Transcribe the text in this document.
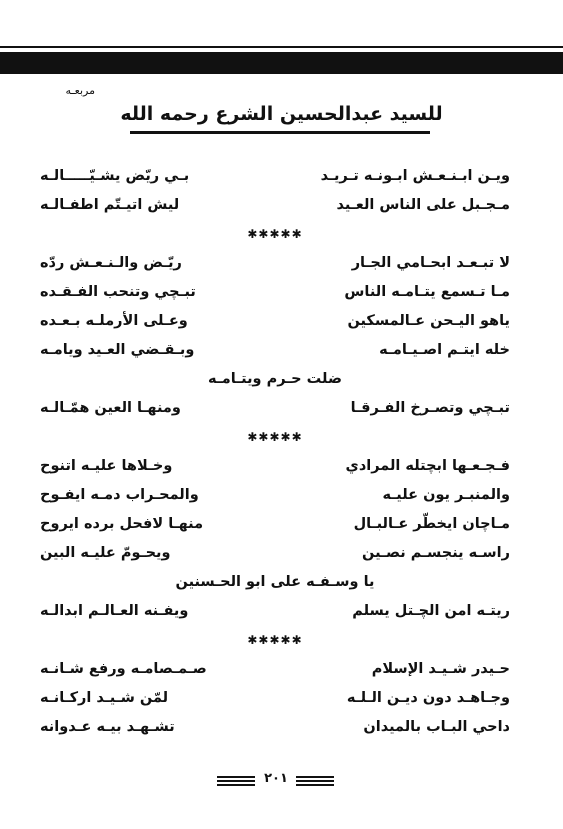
مربعـه
للسيد عبدالحسين الشرع رحمه الله
ويـن ابـنـعـش ابـونـه تـريـد
بـي ريّض يشـيّـــــالـه
مـجـبل على الناس العـيد
ليش اتيـتّم اطفـالـه
✱✱✱✱✱
لا تبـعـد ابحـامي الجـار
ريّـض والـنـعـش ردّه
مـا تـسمع يتـامـه الناس
تبـچي وتنحب الفـقـده
ياهو اليـحن عـالمسكين
وعـلى الأرملـه بـعـده
خله ايتـم اصـيـامـه
وبـقـضي العـيد ويامـه
ضلت حـرم ويتـامـه
تبـچي وتصـرخ الفـرقـا
ومنهـا العين همّـالـه
✱✱✱✱✱
فـجـعـها ابچتله المرادي
وخـلاها عليـه اتنوح
والمنبـر يون عليـه
والمحـراب دمـه ايفـوح
مـاچان ايخطّر عـالبـال
منهـا لافحل برده ايروح
راسـه ينجسـم نصـين
ويحـومّ عليـه البين
يا وسـفـه على ابو الحـسنين
ريتـه امن الچـتل يسلم
ويفـنه العـالـم ابدالـه
✱✱✱✱✱
حـيدر شـيـد الإسلام
صـمـصامـه ورفع شـانـه
وجـاهـد دون ديـن الـلـه
لمّن شـيـد اركـانـه
داحي البـاب بالميدان
تشـهـد بيـه عـدوانه
٢٠١
